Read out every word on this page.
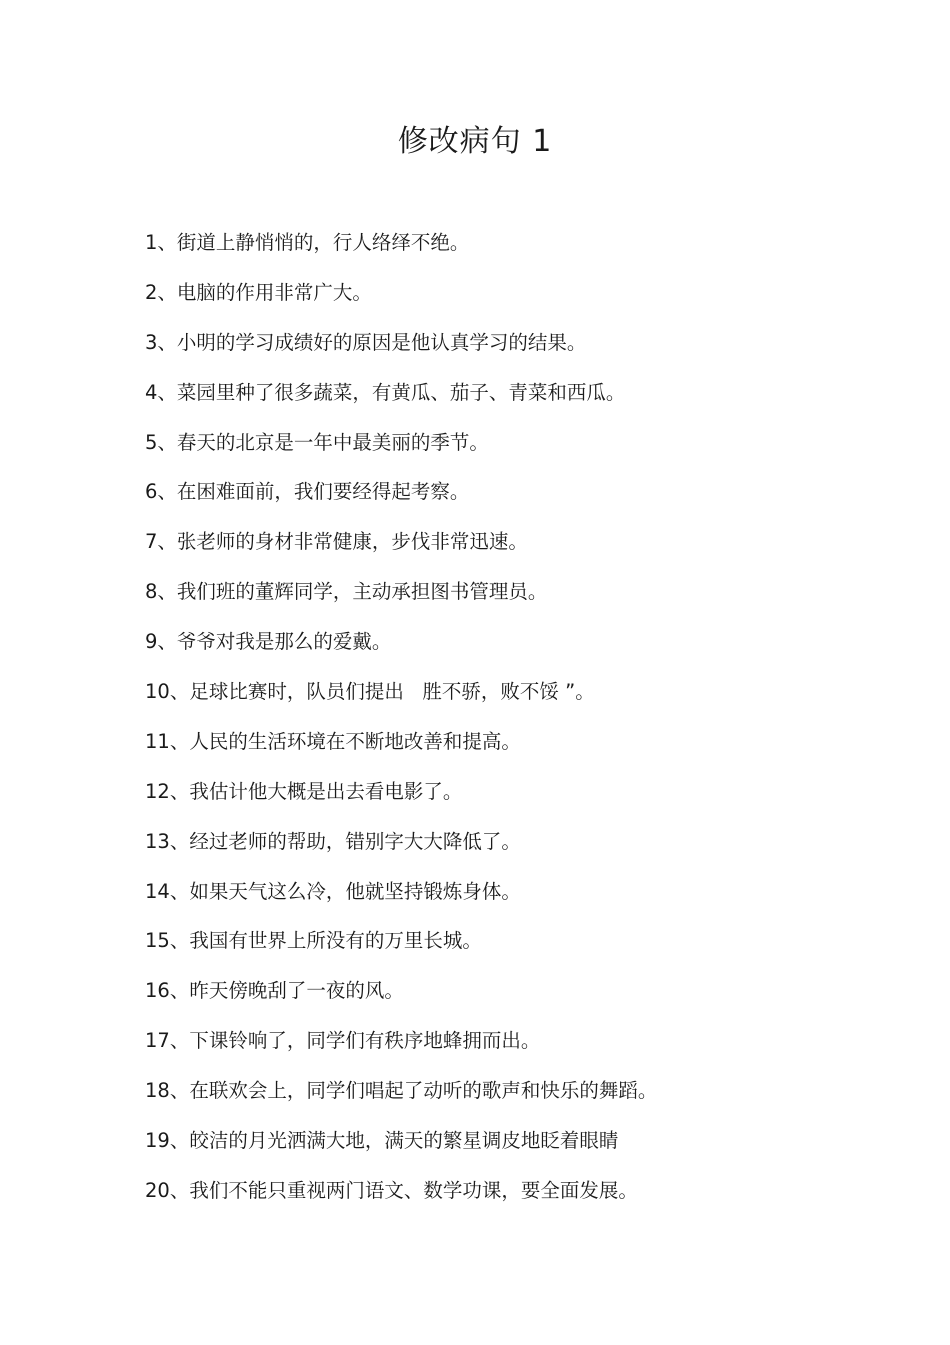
修改病句 1
1、街道上静悄悄的，行人络绎不绝。
2、电脑的作用非常广大。
3、小明的学习成绩好的原因是他认真学习的结果。
4、菜园里种了很多蔬菜，有黄瓜、茄子、青菜和西瓜。
5、春天的北京是一年中最美丽的季节。
6、在困难面前，我们要经得起考察。
7、张老师的身材非常健康，步伐非常迅速。
8、我们班的董辉同学，主动承担图书管理员。
9、爷爷对我是那么的爱戴。
10、足球比赛时，队员们提出   胜不骄，败不馁 ”。
11、人民的生活环境在不断地改善和提高。
12、我估计他大概是出去看电影了。
13、经过老师的帮助，错别字大大降低了。
14、如果天气这么冷，他就坚持锻炼身体。
15、我国有世界上所没有的万里长城。
16、昨天傍晚刮了一夜的风。
17、下课铃响了，同学们有秩序地蜂拥而出。
18、在联欢会上，同学们唱起了动听的歌声和快乐的舞蹈。
19、皎洁的月光洒满大地，满天的繁星调皮地眨着眼睛
20、我们不能只重视两门语文、数学功课，要全面发展。
